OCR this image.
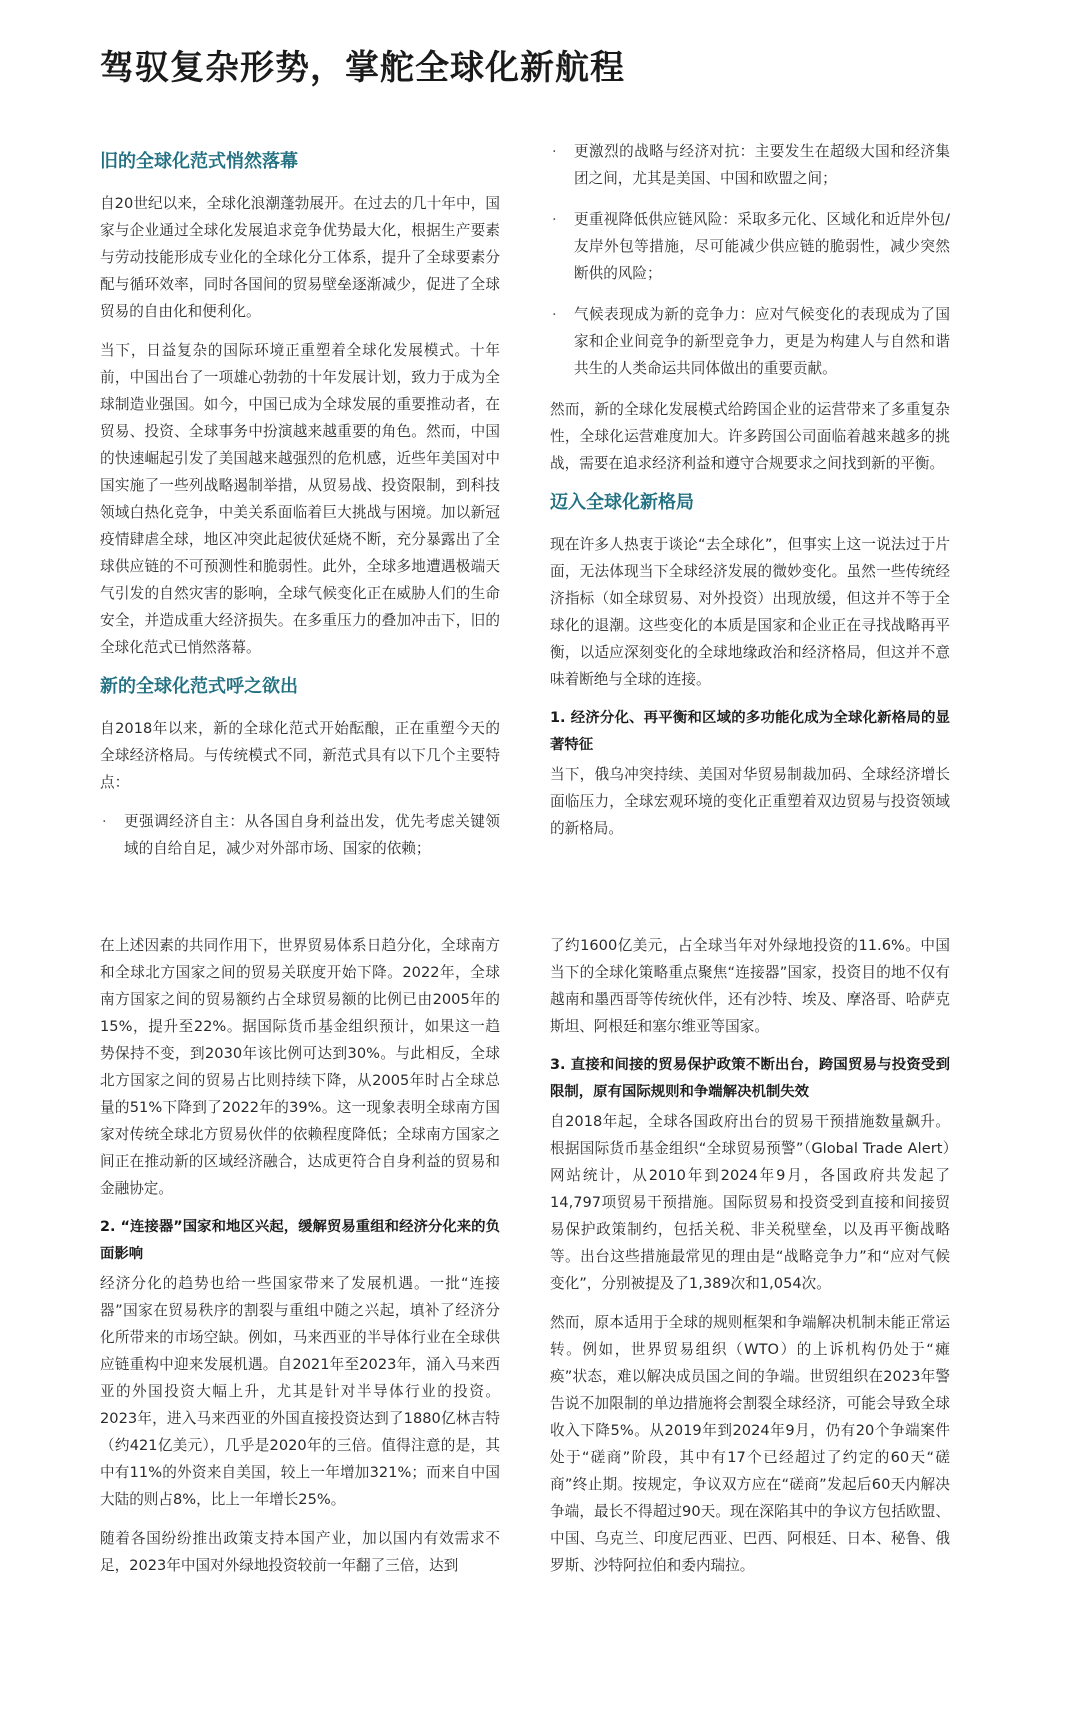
驾驭复杂形势，掌舵全球化新航程
旧的全球化范式悄然落幕

自20世纪以来，全球化浪潮蓬勃展开。在过去的几十年中，国家与企业通过全球化发展追求竞争优势最大化，根据生产要素与劳动技能形成专业化的全球化分工体系，提升了全球要素分配与循环效率，同时各国间的贸易壁垒逐渐减少，促进了全球贸易的自由化和便利化。

当下，日益复杂的国际环境正重塑着全球化发展模式。十年前，中国出台了一项雄心勃勃的十年发展计划，致力于成为全球制造业强国。如今，中国已成为全球发展的重要推动者，在贸易、投资、全球事务中扮演越来越重要的角色。然而，中国的快速崛起引发了美国越来越强烈的危机感，近些年美国对中国实施了一些列战略遏制举措，从贸易战、投资限制，到科技领域白热化竞争，中美关系面临着巨大挑战与困境。加以新冠疫情肆虐全球，地区冲突此起彼伏延烧不断，充分暴露出了全球供应链的不可预测性和脆弱性。此外，全球多地遭遇极端天气引发的自然灾害的影响，全球气候变化正在威胁人们的生命安全，并造成重大经济损失。在多重压力的叠加冲击下，旧的全球化范式已悄然落幕。

新的全球化范式呼之欲出

自2018年以来，新的全球化范式开始酝酿，正在重塑今天的全球经济格局。与传统模式不同，新范式具有以下几个主要特点：

· 更强调经济自主：从各国自身利益出发，优先考虑关键领域的自给自足，减少对外部市场、国家的依赖；
· 更激烈的战略与经济对抗：主要发生在超级大国和经济集团之间，尤其是美国、中国和欧盟之间；
· 更重视降低供应链风险：采取多元化、区域化和近岸外包/友岸外包等措施，尽可能减少供应链的脆弱性，减少突然断供的风险；
· 气候表现成为新的竞争力：应对气候变化的表现成为了国家和企业间竞争的新型竞争力，更是为构建人与自然和谐共生的人类命运共同体做出的重要贡献。

然而，新的全球化发展模式给跨国企业的运营带来了多重复杂性，全球化运营难度加大。许多跨国公司面临着越来越多的挑战，需要在追求经济利益和遵守合规要求之间找到新的平衡。

迈入全球化新格局

现在许多人热衷于谈论“去全球化”，但事实上这一说法过于片面，无法体现当下全球经济发展的微妙变化。虽然一些传统经济指标（如全球贸易、对外投资）出现放缓，但这并不等于全球化的退潮。这些变化的本质是国家和企业正在寻找战略再平衡，以适应深刻变化的全球地缘政治和经济格局，但这并不意味着断绝与全球的连接。

1. 经济分化、再平衡和区域的多功能化成为全球化新格局的显著特征

当下，俄乌冲突持续、美国对华贸易制裁加码、全球经济增长面临压力，全球宏观环境的变化正重塑着双边贸易与投资领域的新格局。

在上述因素的共同作用下，世界贸易体系日趋分化，全球南方和全球北方国家之间的贸易关联度开始下降。2022年，全球南方国家之间的贸易额约占全球贸易额的比例已由2005年的15%，提升至22%。据国际货币基金组织预计，如果这一趋势保持不变，到2030年该比例可达到30%。与此相反，全球北方国家之间的贸易占比则持续下降，从2005年时占全球总量的51%下降到了2022年的39%。这一现象表明全球南方国家对传统全球北方贸易伙伴的依赖程度降低；全球南方国家之间正在推动新的区域经济融合，达成更符合自身利益的贸易和金融协定。

2. “连接器”国家和地区兴起，缓解贸易重组和经济分化来的负面影响

经济分化的趋势也给一些国家带来了发展机遇。一批“连接器”国家在贸易秩序的割裂与重组中随之兴起，填补了经济分化所带来的市场空缺。例如，马来西亚的半导体行业在全球供应链重构中迎来发展机遇。自2021年至2023年，涌入马来西亚的外国投资大幅上升，尤其是针对半导体行业的投资。2023年，进入马来西亚的外国直接投资达到了1880亿林吉特（约421亿美元），几乎是2020年的三倍。值得注意的是，其中有11%的外资来自美国，较上一年增加321%；而来自中国大陆的则占8%，比上一年增长25%。

随着各国纷纷推出政策支持本国产业，加以国内有效需求不足，2023年中国对外绿地投资较前一年翻了三倍，达到

了约1600亿美元，占全球当年对外绿地投资的11.6%。中国当下的全球化策略重点聚焦“连接器”国家，投资目的地不仅有越南和墨西哥等传统伙伴，还有沙特、埃及、摩洛哥、哈萨克斯坦、阿根廷和塞尔维亚等国家。

3. 直接和间接的贸易保护政策不断出台，跨国贸易与投资受到限制，原有国际规则和争端解决机制失效

自2018年起，全球各国政府出台的贸易干预措施数量飙升。根据国际货币基金组织“全球贸易预警”（Global Trade Alert）网站统计，从2010年到2024年9月，各国政府共发起了14,797项贸易干预措施。国际贸易和投资受到直接和间接贸易保护政策制约，包括关税、非关税壁垒，以及再平衡战略等。出台这些措施最常见的理由是“战略竞争力”和“应对气候变化”，分别被提及了1,389次和1,054次。

然而，原本适用于全球的规则框架和争端解决机制未能正常运转。例如，世界贸易组织（WTO）的上诉机构仍处于“瘫痪”状态，难以解决成员国之间的争端。世贸组织在2023年警告说不加限制的单边措施将会割裂全球经济，可能会导致全球收入下降5%。从2019年到2024年9月，仍有20个争端案件处于“磋商”阶段，其中有17个已经超过了约定的60天“磋商”终止期。按规定，争议双方应在“磋商”发起后60天内解决争端，最长不得超过90天。现在深陷其中的争议方包括欧盟、中国、乌克兰、印度尼西亚、巴西、阿根廷、日本、秘鲁、俄罗斯、沙特阿拉伯和委内瑞拉。
